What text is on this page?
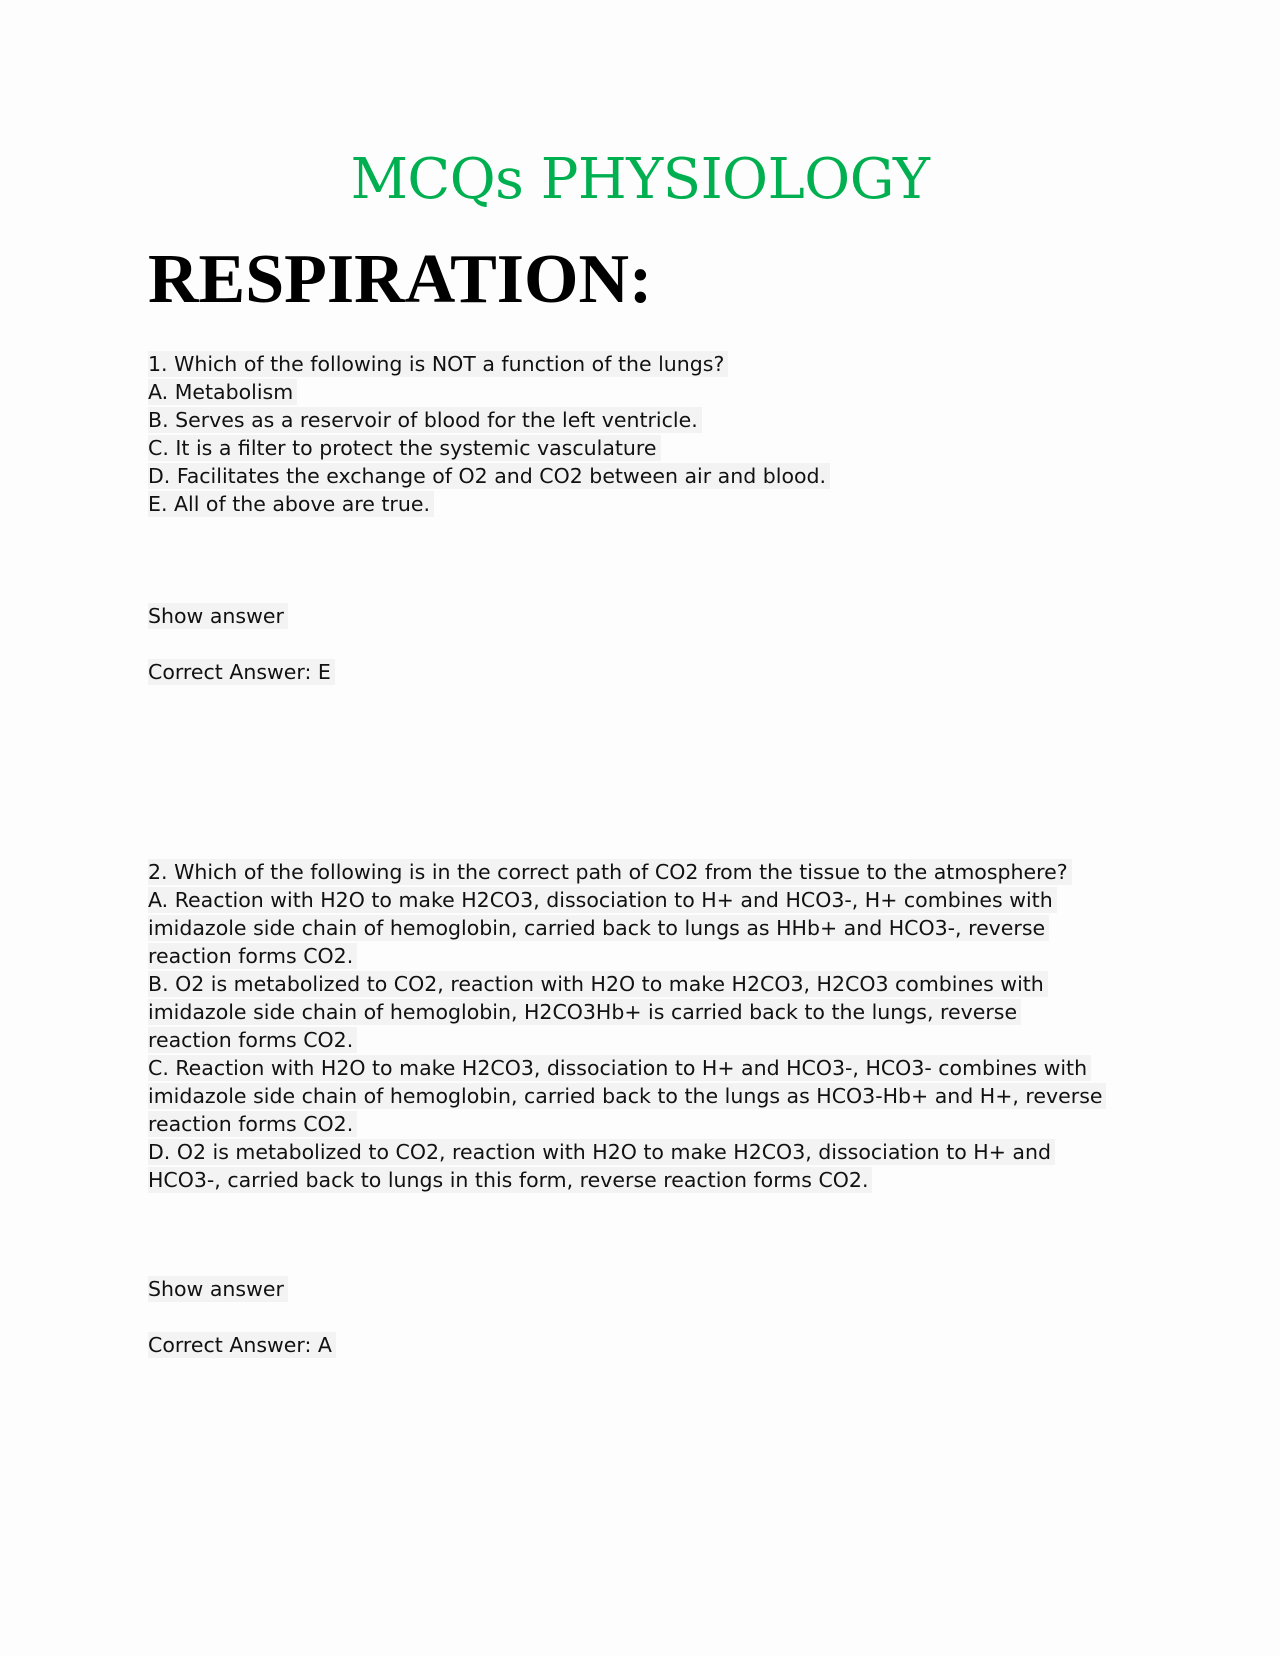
MCQs PHYSIOLOGY
RESPIRATION:
1. Which of the following is NOT a function of the lungs?
A. Metabolism
B. Serves as a reservoir of blood for the left ventricle.
C. It is a filter to protect the systemic vasculature
D. Facilitates the exchange of O2 and CO2 between air and blood.
E. All of the above are true.
Show answer
Correct Answer: E
2. Which of the following is in the correct path of CO2 from the tissue to the atmosphere?
A. Reaction with H2O to make H2CO3, dissociation to H+ and HCO3-, H+ combines with
imidazole side chain of hemoglobin, carried back to lungs as HHb+ and HCO3-, reverse
reaction forms CO2.
B. O2 is metabolized to CO2, reaction with H2O to make H2CO3, H2CO3 combines with
imidazole side chain of hemoglobin, H2CO3Hb+ is carried back to the lungs, reverse
reaction forms CO2.
C. Reaction with H2O to make H2CO3, dissociation to H+ and HCO3-, HCO3- combines with
imidazole side chain of hemoglobin, carried back to the lungs as HCO3-Hb+ and H+, reverse
reaction forms CO2.
D. O2 is metabolized to CO2, reaction with H2O to make H2CO3, dissociation to H+ and
HCO3-, carried back to lungs in this form, reverse reaction forms CO2.
Show answer
Correct Answer: A
